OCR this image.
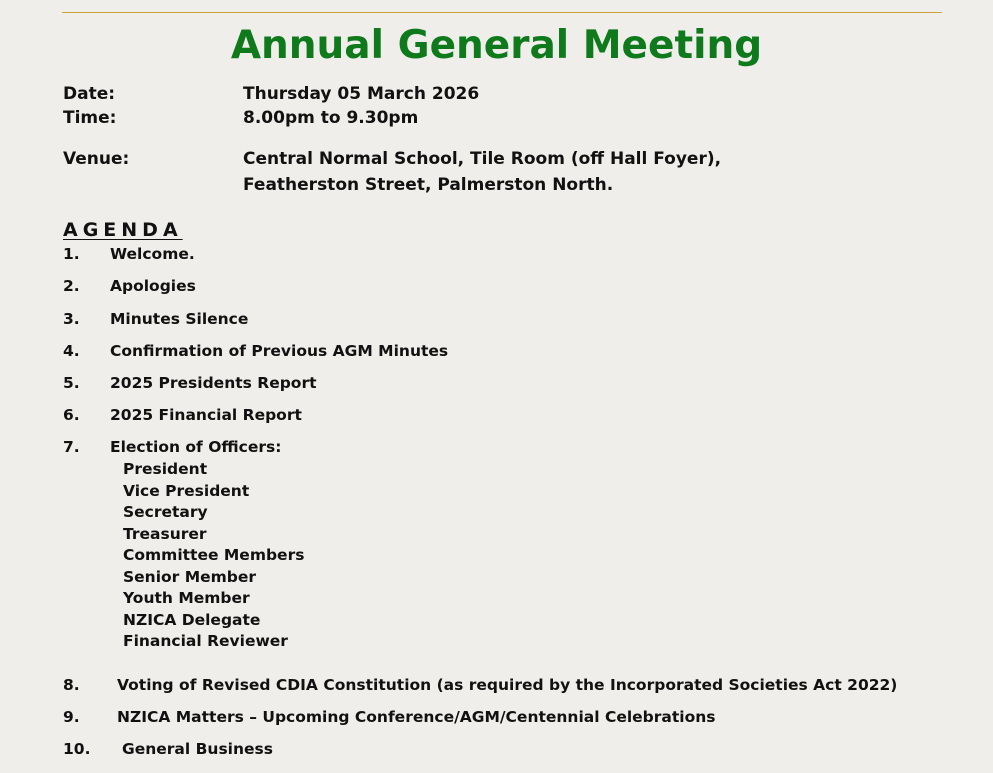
Annual General Meeting
Date:	Thursday 05 March 2026
Time:	8.00pm to 9.30pm
Venue:	Central Normal School, Tile Room (off Hall Foyer),
Featherston Street, Palmerston North.
AGENDA
1. Welcome.
2. Apologies
3. Minutes Silence
4. Confirmation of Previous AGM Minutes
5. 2025 Presidents Report
6. 2025 Financial Report
7. Election of Officers:
President
Vice President
Secretary
Treasurer
Committee Members
Senior Member
Youth Member
NZICA Delegate
Financial Reviewer
8. Voting of Revised CDIA Constitution (as required by the Incorporated Societies Act 2022)
9. NZICA Matters – Upcoming Conference/AGM/Centennial Celebrations
10. General Business
